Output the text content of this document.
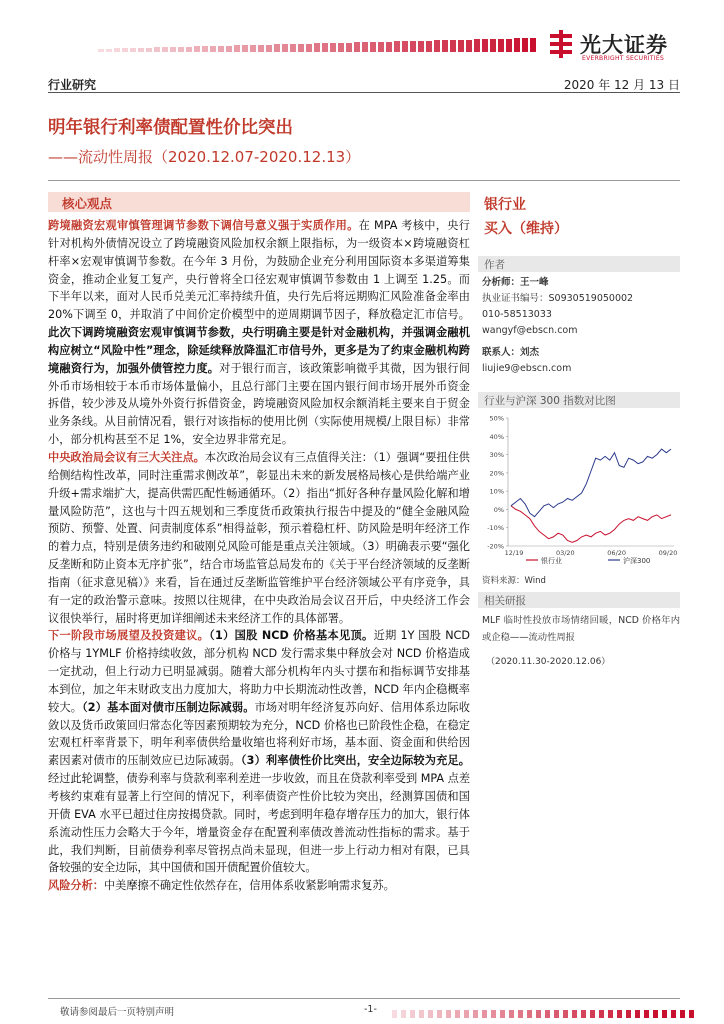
光大证券
EVERBRIGHT SECURITIES
行业研究	2020 年 12 月 13 日
明年银行利率债配置性价比突出
——流动性周报（2020.12.07-2020.12.13）
核心观点

跨境融资宏观审慎管理调节参数下调信号意义强于实质作用。在 MPA 考核中，央行针对机构外债情况设立了跨境融资风险加权余额上限指标，为一级资本×跨境融资杠杆率×宏观审慎调节参数。在今年 3 月份，为鼓励企业充分利用国际资本多渠道筹集资金，推动企业复工复产，央行曾将全口径宏观审慎调节参数由 1 上调至 1.25。而下半年以来，面对人民币兑美元汇率持续升值，央行先后将远期购汇风险准备金率由 20%下调至 0，并取消了中间价定价模型中的逆周期调节因子，释放稳定汇市信号。此次下调跨境融资宏观审慎调节参数，央行明确主要是针对金融机构，并强调金融机构应树立“风险中性”理念，除延续释放降温汇市信号外，更多是为了约束金融机构跨境融资行为，加强外债管控力度。对于银行而言，该政策影响微乎其微，因为银行间外币市场相较于本币市场体量偏小，且总行部门主要在国内银行间市场开展外币资金拆借，较少涉及从境外外资行拆借资金，跨境融资风险加权余额消耗主要来自于贸金业务条线。从目前情况看，银行对该指标的使用比例（实际使用规模/上限目标）非常小，部分机构甚至不足 1%，安全边界非常充足。

中央政治局会议有三大关注点。本次政治局会议有三点值得关注：（1）强调“要扭住供给侧结构性改革，同时注重需求侧改革”，彰显出未来的新发展格局核心是供给端产业升级+需求端扩大，提高供需匹配性畅通循环。（2）指出“抓好各种存量风险化解和增量风险防范”，这也与十四五规划和三季度货币政策执行报告中提及的“健全金融风险预防、预警、处置、问责制度体系”相得益彰，预示着稳杠杆、防风险是明年经济工作的着力点，特别是债务违约和破刚兑风险可能是重点关注领域。（3）明确表示要“强化反垄断和防止资本无序扩张”，结合市场监管总局发布的《关于平台经济领域的反垄断指南（征求意见稿）》来看，旨在通过反垄断监管维护平台经济领域公平有序竞争，具有一定的政治警示意味。按照以往规律，在中央政治局会议召开后，中央经济工作会议很快举行，届时将更加详细阐述未来经济工作的具体部署。

下一阶段市场展望及投资建议。（1）国股 NCD 价格基本见顶。近期 1Y 国股 NCD 价格与 1YMLF 价格持续收敛，部分机构 NCD 发行需求集中释放会对 NCD 价格造成一定扰动，但上行动力已明显减弱。随着大部分机构年内头寸摆布和指标调节安排基本到位，加之年末财政支出力度加大，将助力中长期流动性改善，NCD 年内企稳概率较大。（2）基本面对债市压制边际减弱。市场对明年经济复苏向好、信用体系边际收敛以及货币政策回归常态化等因素预期较为充分，NCD 价格也已阶段性企稳，在稳定宏观杠杆率背景下，明年利率债供给量收缩也将利好市场，基本面、资金面和供给因素因素对债市的压制效应已边际减弱。（3）利率债性价比突出，安全边际较为充足。经过此轮调整，债券利率与贷款利率利差进一步收敛，而且在贷款利率受到 MPA 点差考核约束难有显著上行空间的情况下，利率债资产性价比较为突出，经测算国债和国开债 EVA 水平已超过住房按揭贷款。同时，考虑到明年稳存增存压力的加大，银行体系流动性压力会略大于今年，增量资金存在配置利率债改善流动性指标的需求。基于此，我们判断，目前债券利率尽管拐点尚未显现，但进一步上行动力相对有限，已具备较强的安全边际，其中国债和国开债配置价值较大。

风险分析：中美摩擦不确定性依然存在，信用体系收紧影响需求复苏。

银行业
买入（维持）
作者
分析师：王一峰
执业证书编号：S0930519050002
010-58513033
wangyf@ebscn.com
联系人：刘杰
liujie9@ebscn.com
行业与沪深 300 指数对比图
50%
40%
30%
20%
10%
0%
-10%
-20%
12/19	03/20	06/20	09/20
银行业	沪深300
资料来源：Wind
相关研报
MLF 临时性投放市场情绪回暖，NCD 价格年内或企稳——流动性周报
（2020.11.30-2020.12.06）
敬请参阅最后一页特别声明	-1-
